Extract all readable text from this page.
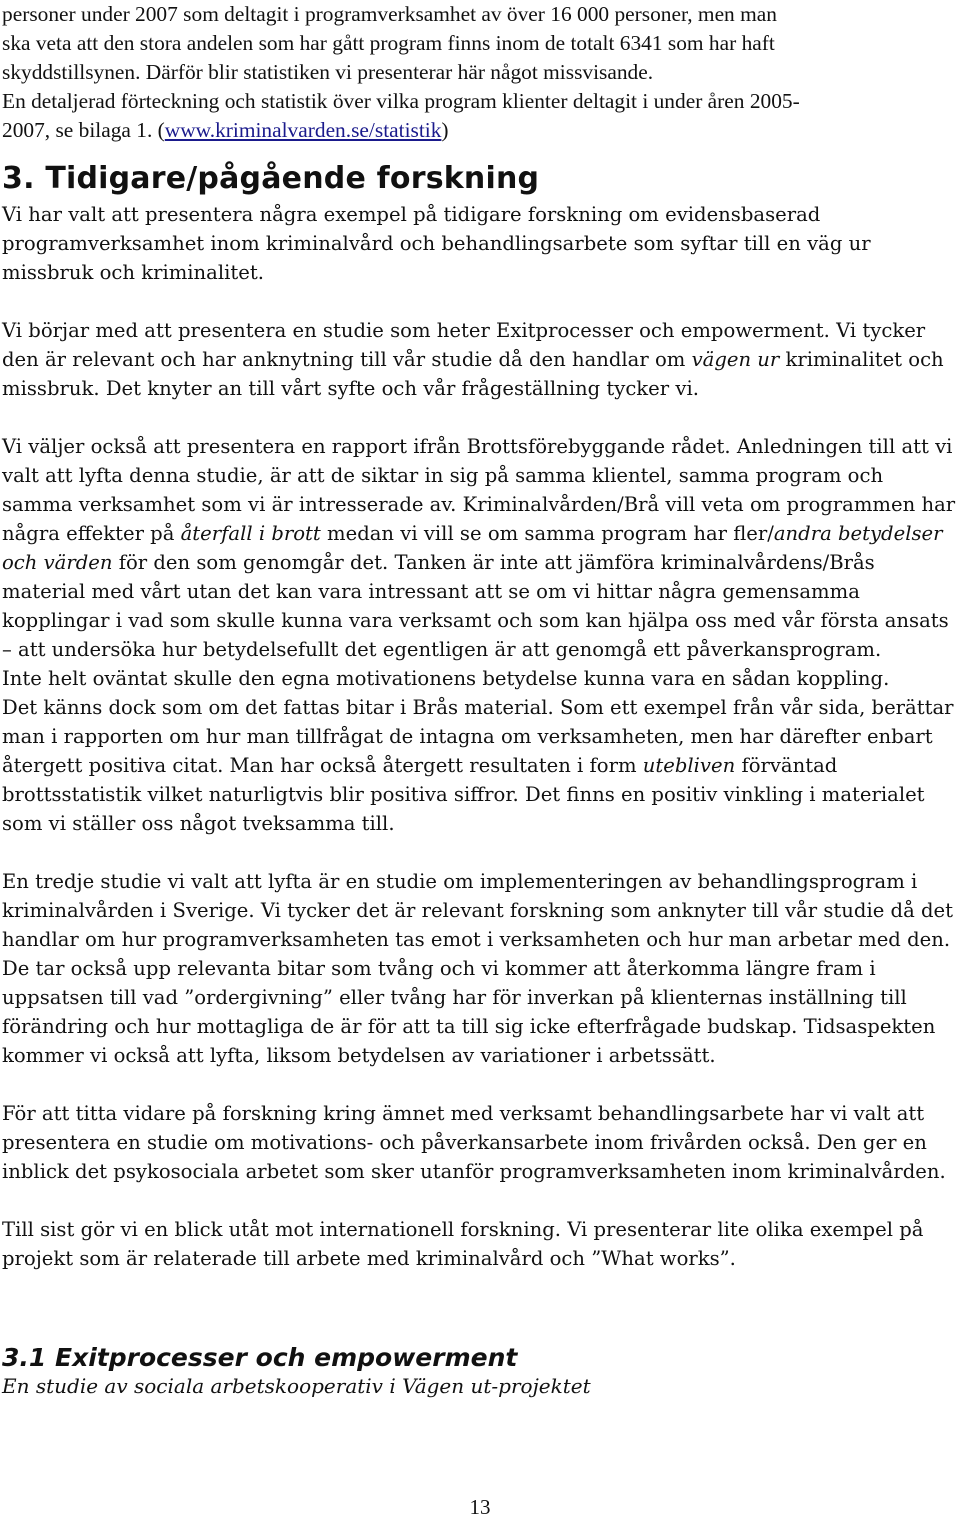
personer under 2007 som deltagit i programverksamhet av över 16 000 personer, men man
ska veta att den stora andelen som har gått program finns inom de totalt 6341 som har haft
skyddstillsynen. Därför blir statistiken vi presenterar här något missvisande.
En detaljerad förteckning och statistik över vilka program klienter deltagit i under åren 2005-
2007, se bilaga 1. (www.kriminalvarden.se/statistik)
3. Tidigare/pågående forskning

Vi har valt att presentera några exempel på tidigare forskning om evidensbaserad programverksamhet inom kriminalvård och behandlingsarbete som syftar till en väg ur missbruk och kriminalitet.

Vi börjar med att presentera en studie som heter Exitprocesser och empowerment. Vi tycker den är relevant och har anknytning till vår studie då den handlar om vägen ur kriminalitet och missbruk. Det knyter an till vårt syfte och vår frågeställning tycker vi.

Vi väljer också att presentera en rapport ifrån Brottsförebyggande rådet. Anledningen till att vi valt att lyfta denna studie, är att de siktar in sig på samma klientel, samma program och samma verksamhet som vi är intresserade av. Kriminalvården/Brå vill veta om programmen har några effekter på återfall i brott medan vi vill se om samma program har fler/andra betydelser och värden för den som genomgår det. Tanken är inte att jämföra kriminalvårdens/Brås material med vårt utan det kan vara intressant att se om vi hittar några gemensamma kopplingar i vad som skulle kunna vara verksamt och som kan hjälpa oss med vår första ansats – att undersöka hur betydelsefullt det egentligen är att genomgå ett påverkansprogram.

Inte helt oväntat skulle den egna motivationens betydelse kunna vara en sådan koppling.

Det känns dock som om det fattas bitar i Brås material. Som ett exempel från vår sida, berättar man i rapporten om hur man tillfrågat de intagna om verksamheten, men har därefter enbart återgett positiva citat. Man har också återgett resultaten i form utebliven förväntad brottsstatistik vilket naturligtvis blir positiva siffror. Det finns en positiv vinkling i materialet som vi ställer oss något tveksamma till.

En tredje studie vi valt att lyfta är en studie om implementeringen av behandlingsprogram i kriminalvården i Sverige. Vi tycker det är relevant forskning som anknyter till vår studie då det handlar om hur programverksamheten tas emot i verksamheten och hur man arbetar med den. De tar också upp relevanta bitar som tvång och vi kommer att återkomma längre fram i uppsatsen till vad ”ordergivning” eller tvång har för inverkan på klienternas inställning till förändring och hur mottagliga de är för att ta till sig icke efterfrågade budskap. Tidsaspekten kommer vi också att lyfta, liksom betydelsen av variationer i arbetssätt.

För att titta vidare på forskning kring ämnet med verksamt behandlingsarbete har vi valt att presentera en studie om motivations- och påverkansarbete inom frivården också. Den ger en inblick det psykosociala arbetet som sker utanför programverksamheten inom kriminalvården.

Till sist gör vi en blick utåt mot internationell forskning. Vi presenterar lite olika exempel på projekt som är relaterade till arbete med kriminalvård och ”What works”.

3.1 Exitprocesser och empowerment

En studie av sociala arbetskooperativ i Vägen ut-projektet

13
